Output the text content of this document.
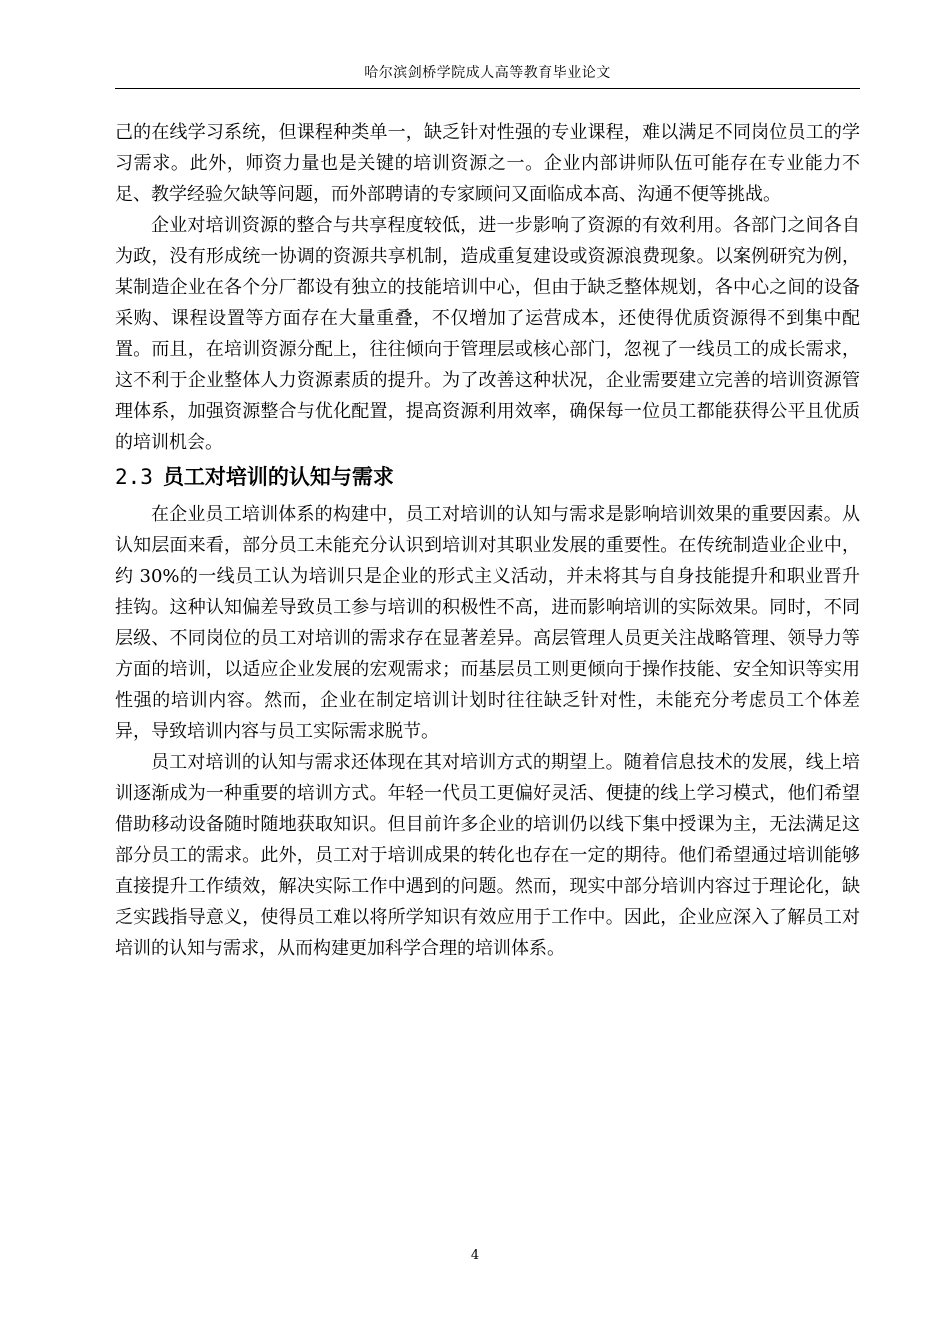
哈尔滨剑桥学院成人高等教育毕业论文

己的在线学习系统，但课程种类单一，缺乏针对性强的专业课程，难以满足不同岗位员工的学习需求。此外，师资力量也是关键的培训资源之一。企业内部讲师队伍可能存在专业能力不足、教学经验欠缺等问题，而外部聘请的专家顾问又面临成本高、沟通不便等挑战。

企业对培训资源的整合与共享程度较低，进一步影响了资源的有效利用。各部门之间各自为政，没有形成统一协调的资源共享机制，造成重复建设或资源浪费现象。以案例研究为例，某制造企业在各个分厂都设有独立的技能培训中心，但由于缺乏整体规划，各中心之间的设备采购、课程设置等方面存在大量重叠，不仅增加了运营成本，还使得优质资源得不到集中配置。而且，在培训资源分配上，往往倾向于管理层或核心部门，忽视了一线员工的成长需求，这不利于企业整体人力资源素质的提升。为了改善这种状况，企业需要建立完善的培训资源管理体系，加强资源整合与优化配置，提高资源利用效率，确保每一位员工都能获得公平且优质的培训机会。

2.3 员工对培训的认知与需求

在企业员工培训体系的构建中，员工对培训的认知与需求是影响培训效果的重要因素。从认知层面来看，部分员工未能充分认识到培训对其职业发展的重要性。在传统制造业企业中，约 30%的一线员工认为培训只是企业的形式主义活动，并未将其与自身技能提升和职业晋升挂钩。这种认知偏差导致员工参与培训的积极性不高，进而影响培训的实际效果。同时，不同层级、不同岗位的员工对培训的需求存在显著差异。高层管理人员更关注战略管理、领导力等方面的培训，以适应企业发展的宏观需求；而基层员工则更倾向于操作技能、安全知识等实用性强的培训内容。然而，企业在制定培训计划时往往缺乏针对性，未能充分考虑员工个体差异，导致培训内容与员工实际需求脱节。

员工对培训的认知与需求还体现在其对培训方式的期望上。随着信息技术的发展，线上培训逐渐成为一种重要的培训方式。年轻一代员工更偏好灵活、便捷的线上学习模式，他们希望借助移动设备随时随地获取知识。但目前许多企业的培训仍以线下集中授课为主，无法满足这部分员工的需求。此外，员工对于培训成果的转化也存在一定的期待。他们希望通过培训能够直接提升工作绩效，解决实际工作中遇到的问题。然而，现实中部分培训内容过于理论化，缺乏实践指导意义，使得员工难以将所学知识有效应用于工作中。因此，企业应深入了解员工对培训的认知与需求，从而构建更加科学合理的培训体系。

4
